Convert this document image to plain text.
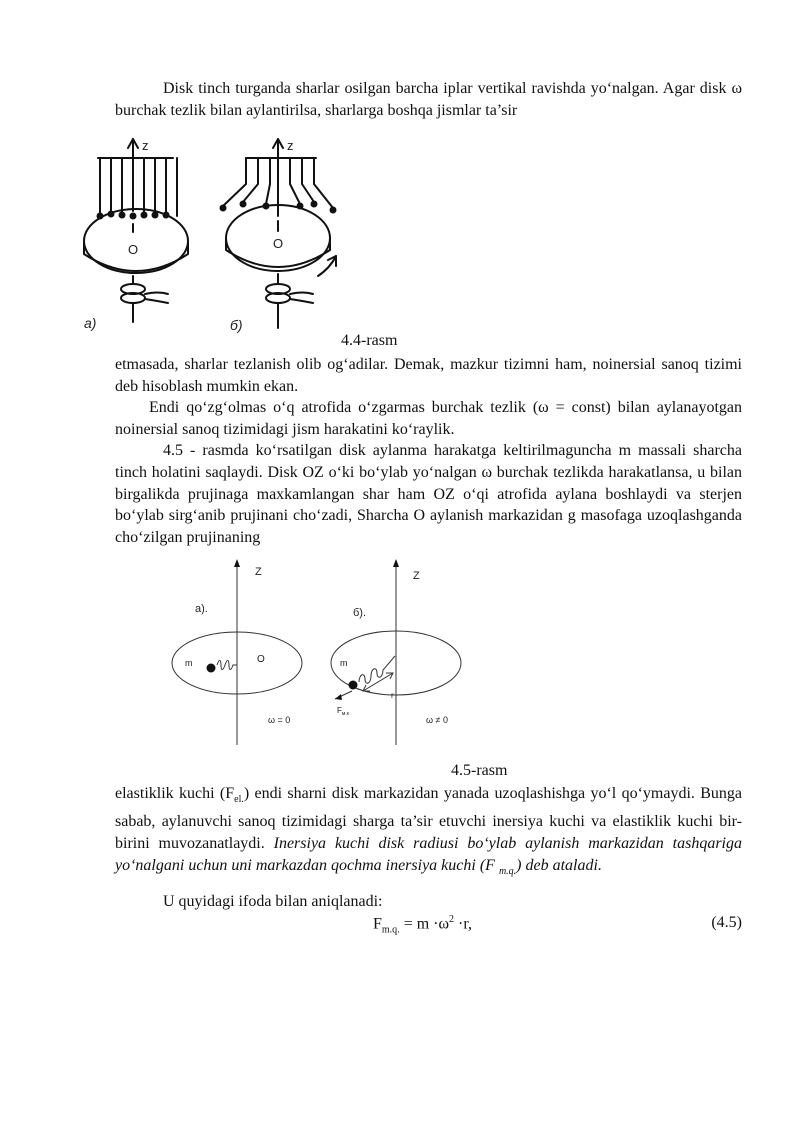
Disk tinch turganda sharlar osilgan barcha iplar vertikal ravishda yo‘nalgan. Agar disk ω burchak tezlik bilan aylantirilsa, sharlarga boshqa jismlar ta’sir

z
O
a)
z
O
б)

4.4-rasm

etmasada, sharlar tezlanish olib og‘adilar. Demak, mazkur tizimni ham, noinersial sanoq tizimi deb hisoblash mumkin ekan.

Endi qo‘zg‘olmas o‘q atrofida o‘zgarmas burchak tezlik (ω = const) bilan aylanayotgan noinersial sanoq tizimidagi jism harakatini ko‘raylik.

4.5 - rasmda ko‘rsatilgan disk aylanma harakatga keltirilmaguncha m massali sharcha tinch holatini saqlaydi. Disk OZ o‘ki bo‘ylab yo‘nalgan ω burchak tezlikda harakatlansa, u bilan birgalikda prujinaga maxkamlangan shar ham OZ o‘qi atrofida aylana boshlaydi va sterjen bo‘ylab sirg‘anib prujinani cho‘zadi, Sharcha O aylanish markazidan g masofaga uzoqlashganda cho‘zilgan prujinaning

Z
a).
m	O
ω = 0
Z
б).
m
r
$F_{м.к}$
ω ≠ 0

4.5-rasm

elastiklik kuchi $(F_{el.})$ endi sharni disk markazidan yanada uzoqlashishga yo‘l qo‘ymaydi. Bunga sabab, aylanuvchi sanoq tizimidagi sharga ta’sir etuvchi inersiya kuchi va elastiklik kuchi bir-birini muvozanatlaydi. Inersiya kuchi disk radiusi bo‘ylab aylanish markazidan tashqariga yo‘nalgani uchun uni markazdan qochma inersiya kuchi (F $_{m.q.}$) deb ataladi.

U quyidagi ifoda bilan aniqlanadi:

$F_{m.q.} = m \cdot\omega^2 \cdot r$,	(4.5)
